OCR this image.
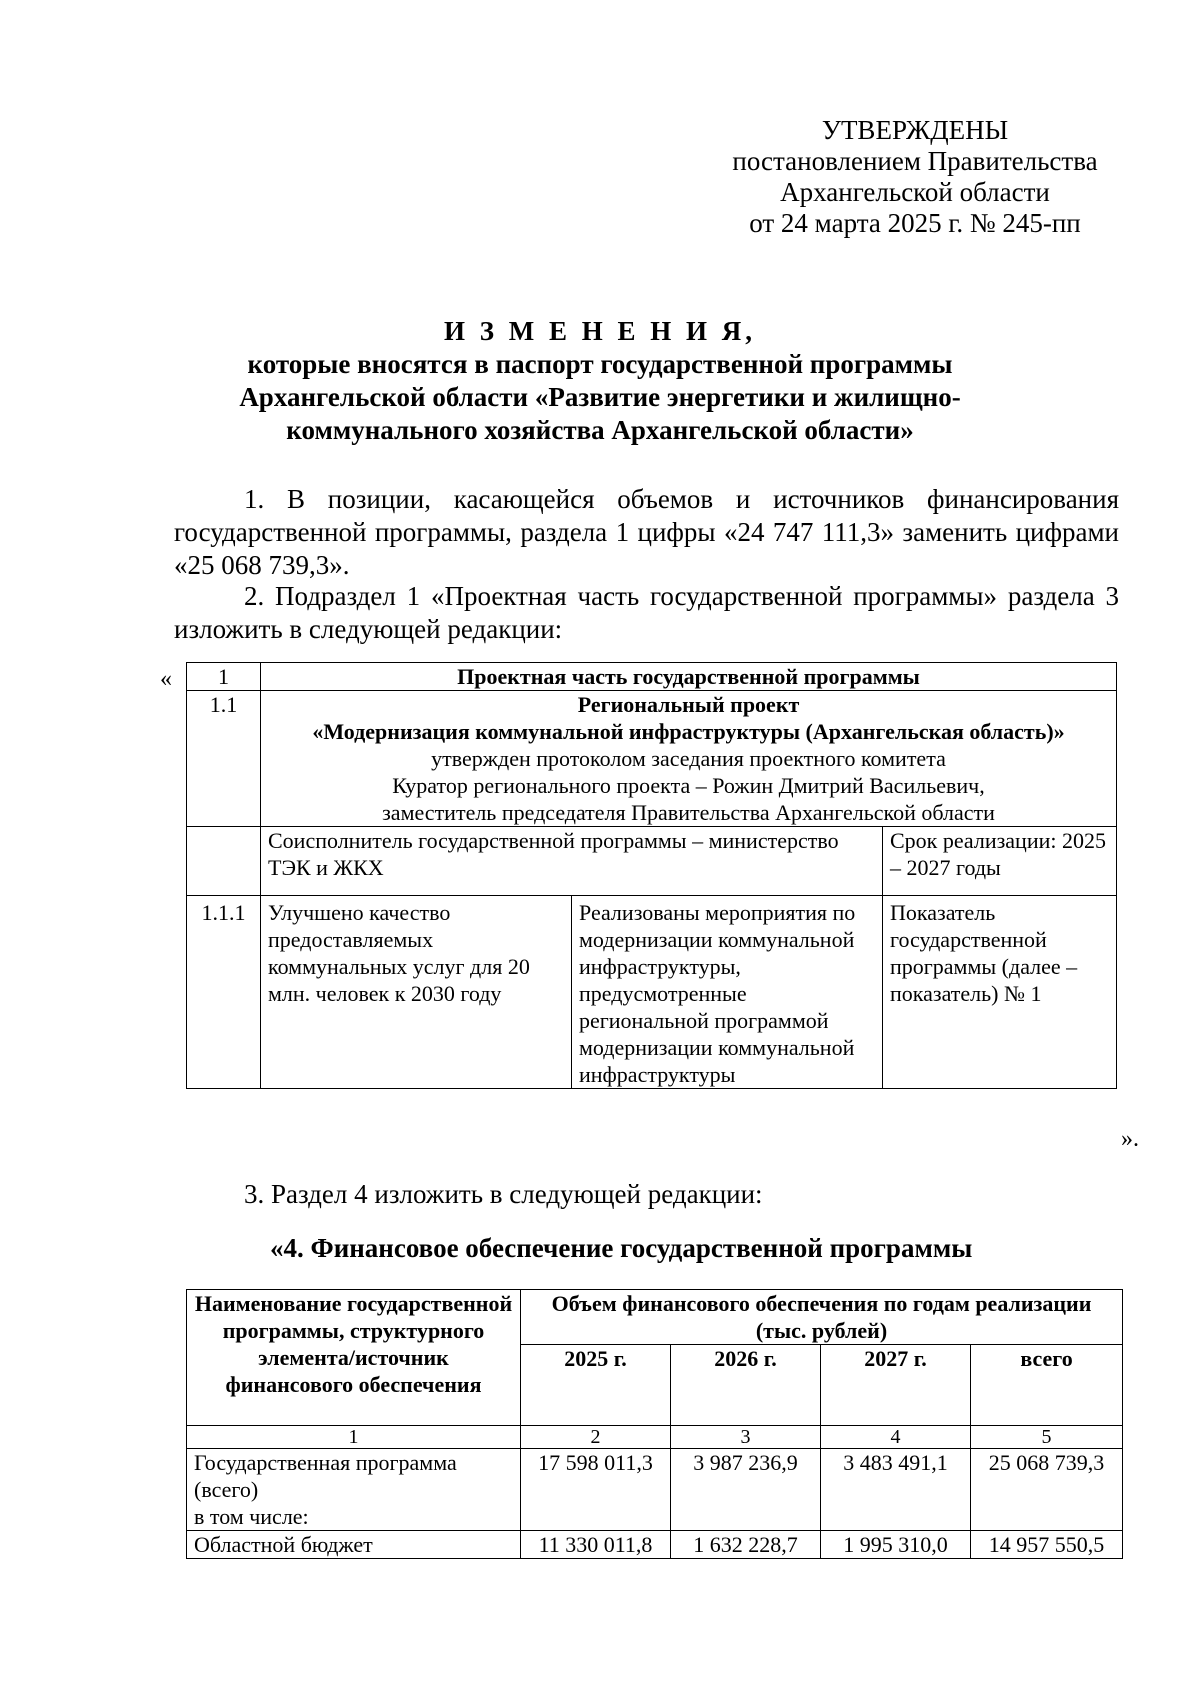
УТВЕРЖДЕНЫ
постановлением Правительства
Архангельской области
от 24 марта 2025 г. № 245-пп
И З М Е Н Е Н И Я,
которые вносятся в паспорт государственной программы
Архангельской области «Развитие энергетики и жилищно-
коммунального хозяйства Архангельской области»
1. В позиции, касающейся объемов и источников финансирования государственной программы, раздела 1 цифры «24 747 111,3» заменить цифрами «25 068 739,3».
2. Подраздел 1 «Проектная часть государственной программы» раздела 3 изложить в следующей редакции:
« 1	Проектная часть государственной программы		
1.1	Региональный проект
«Модернизация коммунальной инфраструктуры (Архангельская область)»
утвержден протоколом заседания проектного комитета
Куратор регионального проекта – Рожин Дмитрий Васильевич,
заместитель председателя Правительства Архангельской области		

	Соисполнитель государственной программы – министерство ТЭК и ЖКХ		Срок реализации: 2025 – 2027 годы
1.1.1	Улучшено качество предоставляемых коммунальных услуг для 20 млн. человек к 2030 году	Реализованы мероприятия по модернизации коммунальной инфраструктуры, предусмотренные региональной программой модернизации коммунальной инфраструктуры	Показатель государственной программы (далее – показатель) № 1
».
3. Раздел 4 изложить в следующей редакции:
«4. Финансовое обеспечение государственной программы
Наименование государственной программы, структурного элемента/источник финансового обеспечения	Объем финансового обеспечения по годам реализации (тыс. рублей)			
	2025 г.	2026 г.	2027 г.	всего
1	2	3	4	5

Государственная программа
(всего)
в том числе:	17 598 011,3	3 987 236,9	3 483 491,1	25 068 739,3
Областной бюджет	11 330 011,8	1 632 228,7	1 995 310,0	14 957 550,5
